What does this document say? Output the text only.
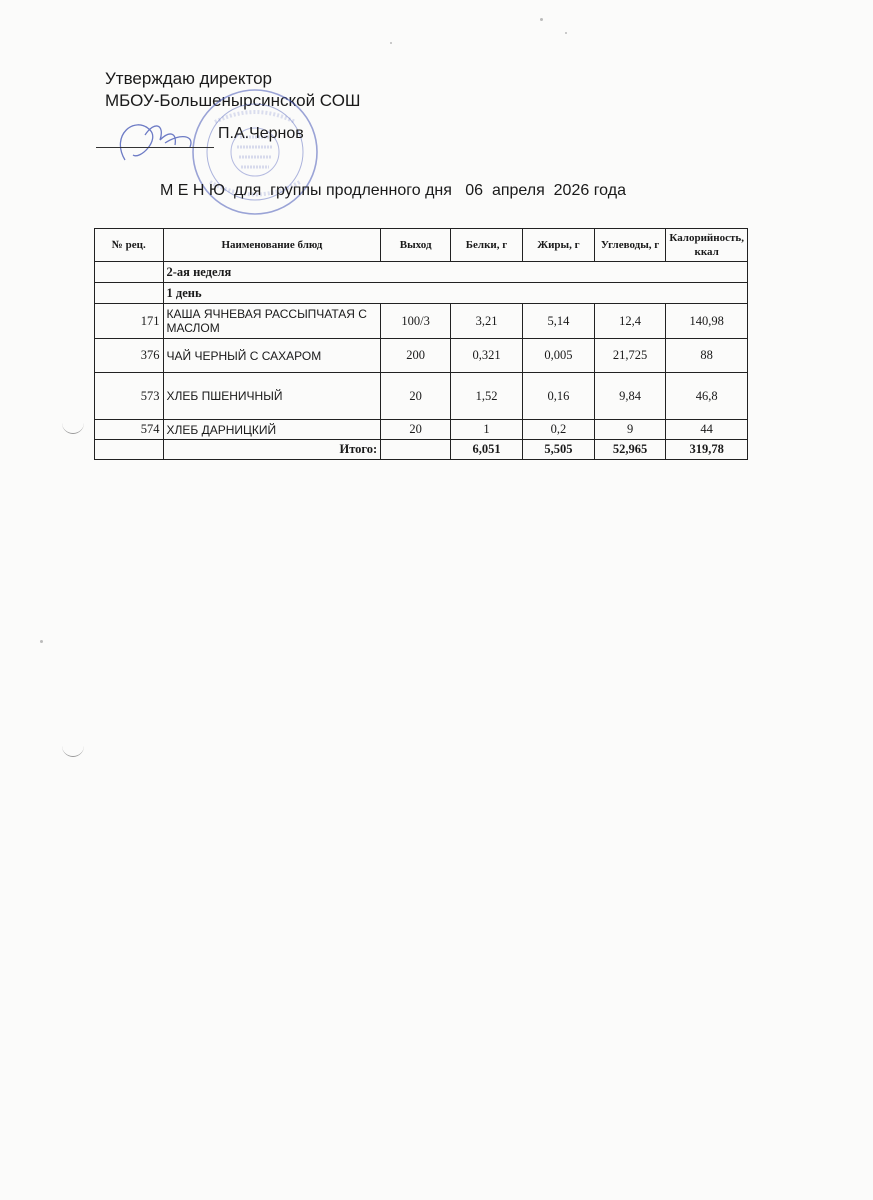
Утверждаю директор
МБОУ-Большенырсинской СОШ
П.А.Чернов
М Е Н Ю  для  группы продленного дня   06  апреля  2026 года
№ рец.	Наименование блюд	Выход	Белки, г	Жиры, г	Углеводы, г	Калорийность, ккал
	2-ая неделя					
	1 день					
171	КАША ЯЧНЕВАЯ РАССЫПЧАТАЯ С МАСЛОМ	100/3	3,21	5,14	12,4	140,98
376	ЧАЙ ЧЕРНЫЙ С САХАРОМ	200	0,321	0,005	21,725	88
573	ХЛЕБ ПШЕНИЧНЫЙ	20	1,52	0,16	9,84	46,8
574	ХЛЕБ ДАРНИЦКИЙ	20	1	0,2	9	44
	Итого:		6,051	5,505	52,965	319,78
